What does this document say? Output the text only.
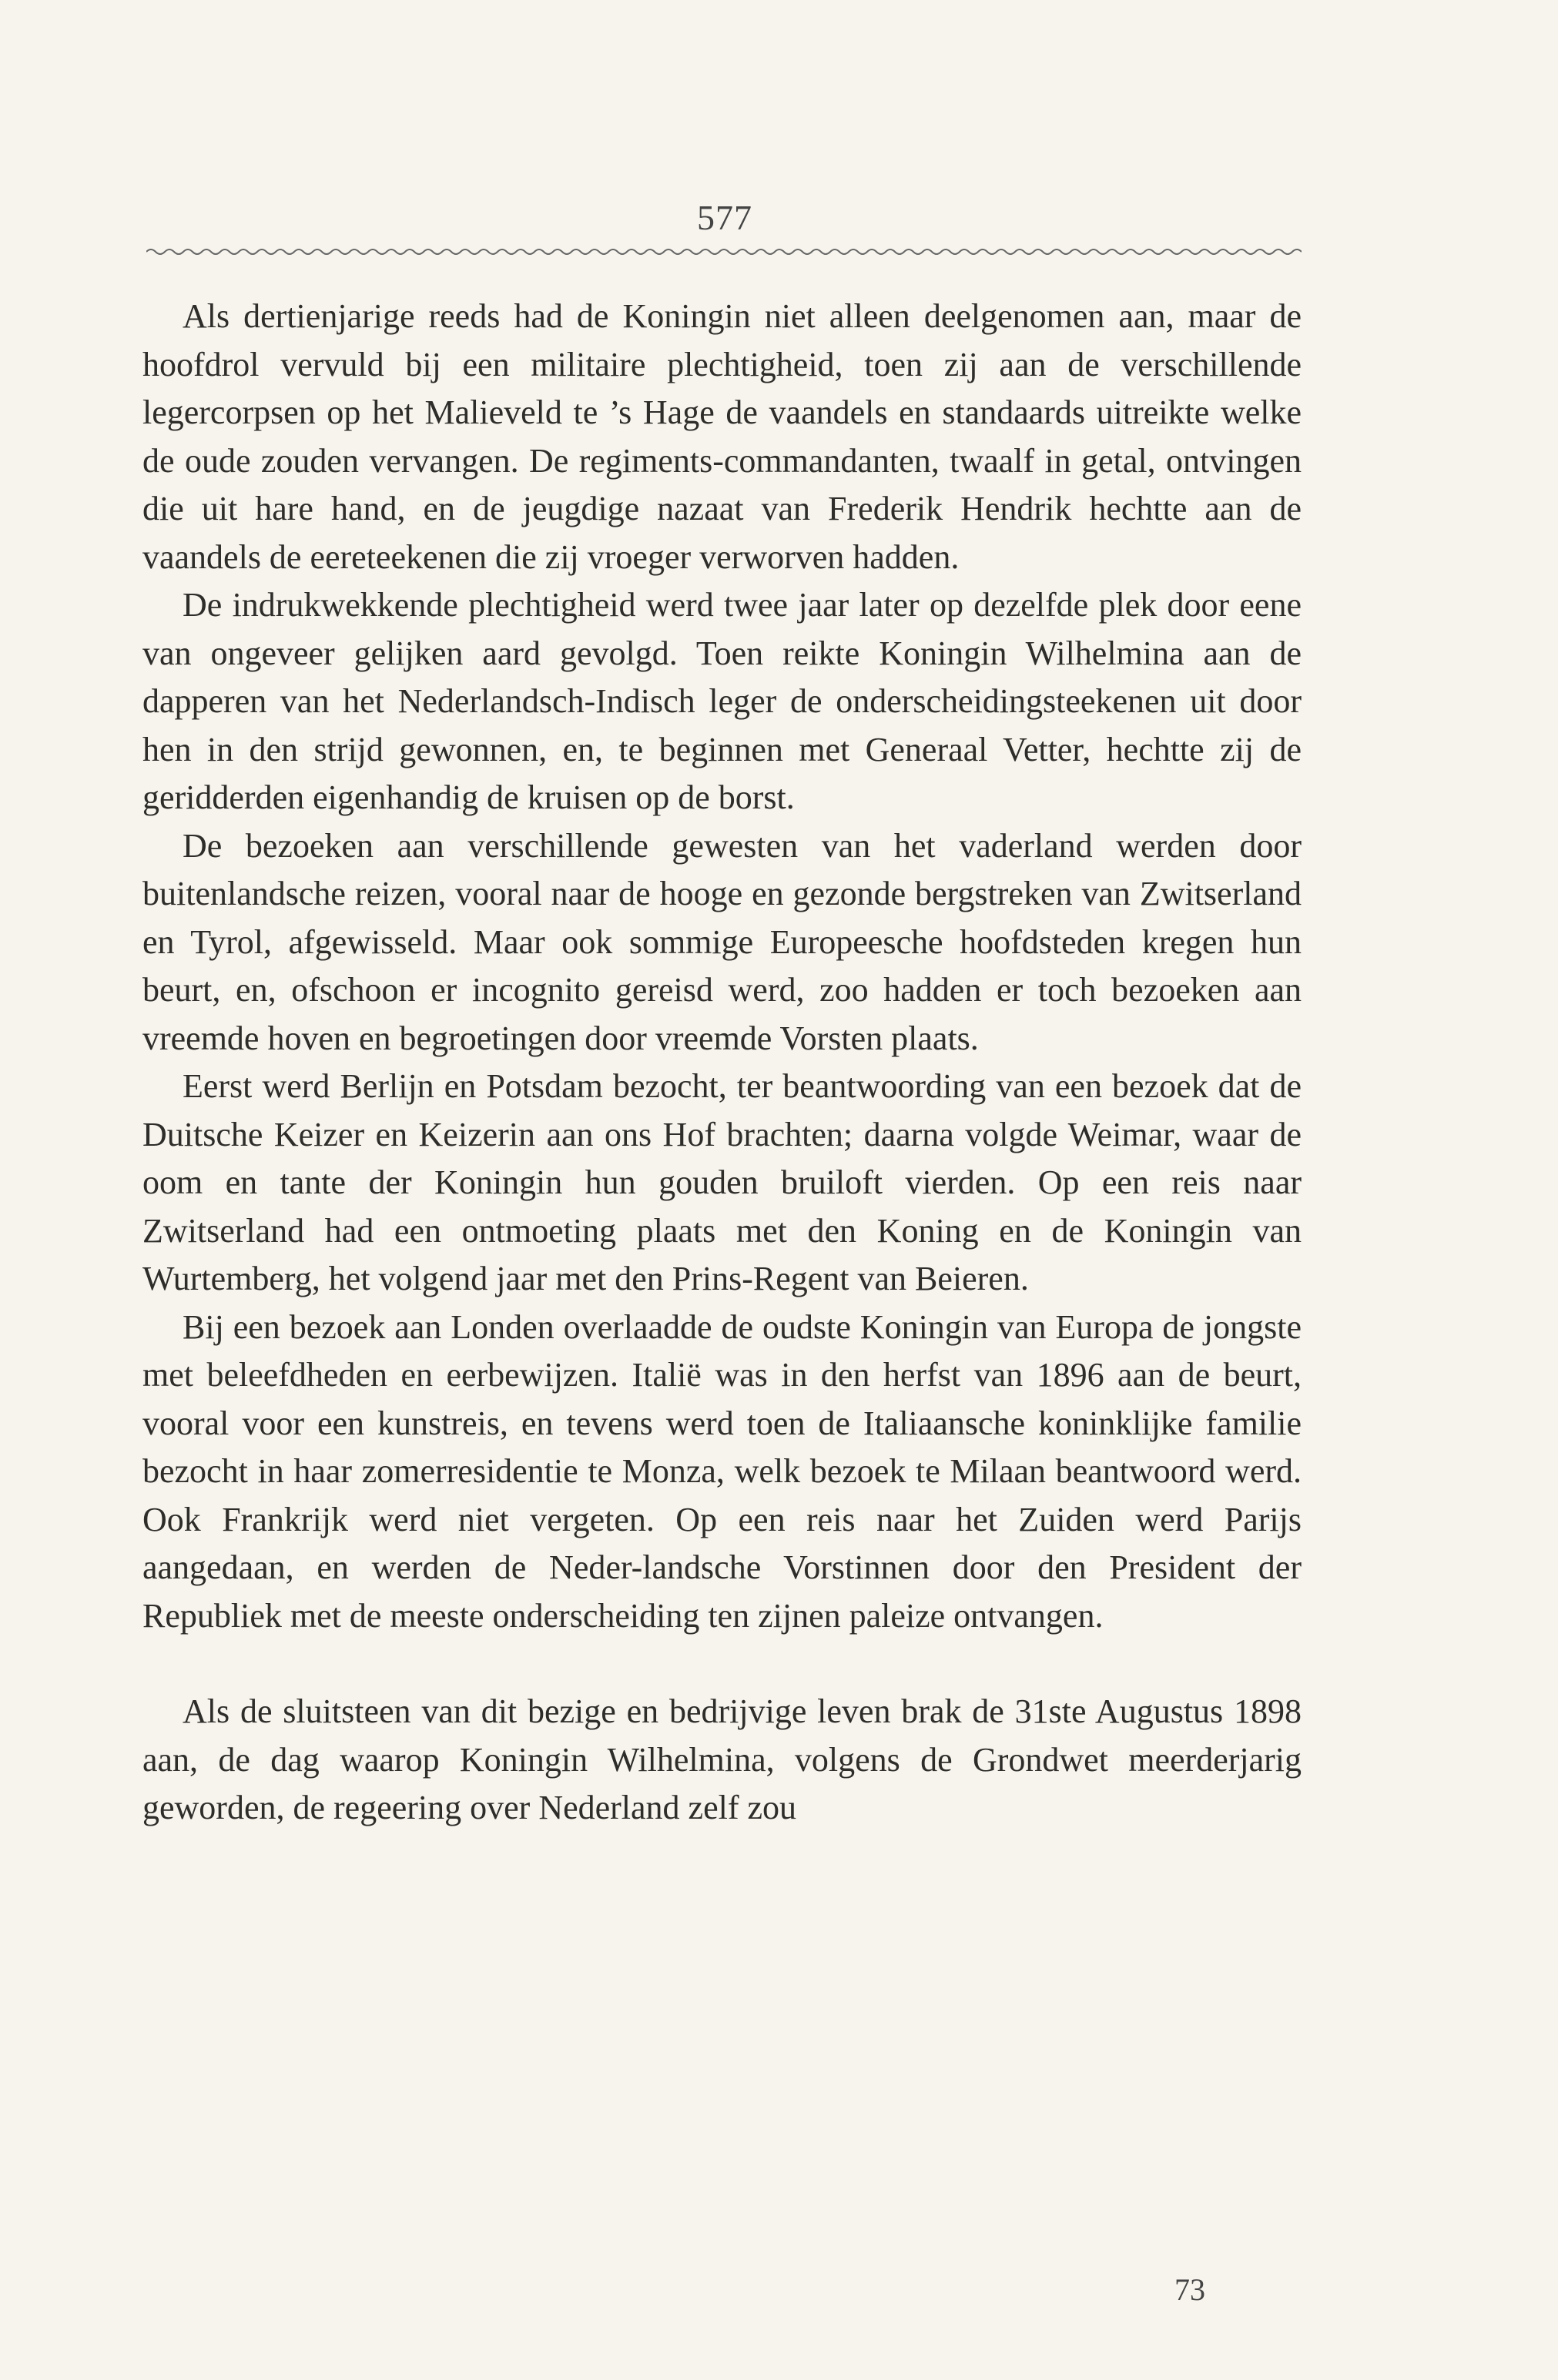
577

Als dertienjarige reeds had de Koningin niet alleen deelgenomen aan, maar de hoofdrol vervuld bij een militaire plechtigheid, toen zij aan de verschillende legercorpsen op het Malieveld te ’s Hage de vaandels en standaards uitreikte welke de oude zouden vervangen. De regiments-commandanten, twaalf in getal, ontvingen die uit hare hand, en de jeugdige nazaat van Frederik Hendrik hechtte aan de vaandels de eereteekenen die zij vroeger verworven hadden.

De indrukwekkende plechtigheid werd twee jaar later op dezelfde plek door eene van ongeveer gelijken aard gevolgd. Toen reikte Koningin Wilhelmina aan de dapperen van het Nederlandsch-Indisch leger de onderscheidingsteekenen uit door hen in den strijd gewonnen, en, te beginnen met Generaal Vetter, hechtte zij de geridderden eigenhandig de kruisen op de borst.

De bezoeken aan verschillende gewesten van het vaderland werden door buitenlandsche reizen, vooral naar de hooge en gezonde bergstreken van Zwitserland en Tyrol, afgewisseld. Maar ook sommige Europeesche hoofdsteden kregen hun beurt, en, ofschoon er incognito gereisd werd, zoo hadden er toch bezoeken aan vreemde hoven en begroetingen door vreemde Vorsten plaats.

Eerst werd Berlijn en Potsdam bezocht, ter beantwoording van een bezoek dat de Duitsche Keizer en Keizerin aan ons Hof brachten; daarna volgde Weimar, waar de oom en tante der Koningin hun gouden bruiloft vierden. Op een reis naar Zwitserland had een ontmoeting plaats met den Koning en de Koningin van Wurtemberg, het volgend jaar met den Prins-Regent van Beieren.

Bij een bezoek aan Londen overlaadde de oudste Koningin van Europa de jongste met beleefdheden en eerbewijzen. Italië was in den herfst van 1896 aan de beurt, vooral voor een kunstreis, en tevens werd toen de Italiaansche koninklijke familie bezocht in haar zomerresidentie te Monza, welk bezoek te Milaan beantwoord werd. Ook Frankrijk werd niet vergeten. Op een reis naar het Zuiden werd Parijs aangedaan, en werden de Neder-landsche Vorstinnen door den President der Republiek met de meeste onderscheiding ten zijnen paleize ontvangen.

Als de sluitsteen van dit bezige en bedrijvige leven brak de 31ste Augustus 1898 aan, de dag waarop Koningin Wilhelmina, volgens de Grondwet meerderjarig geworden, de regeering over Nederland zelf zou

73
